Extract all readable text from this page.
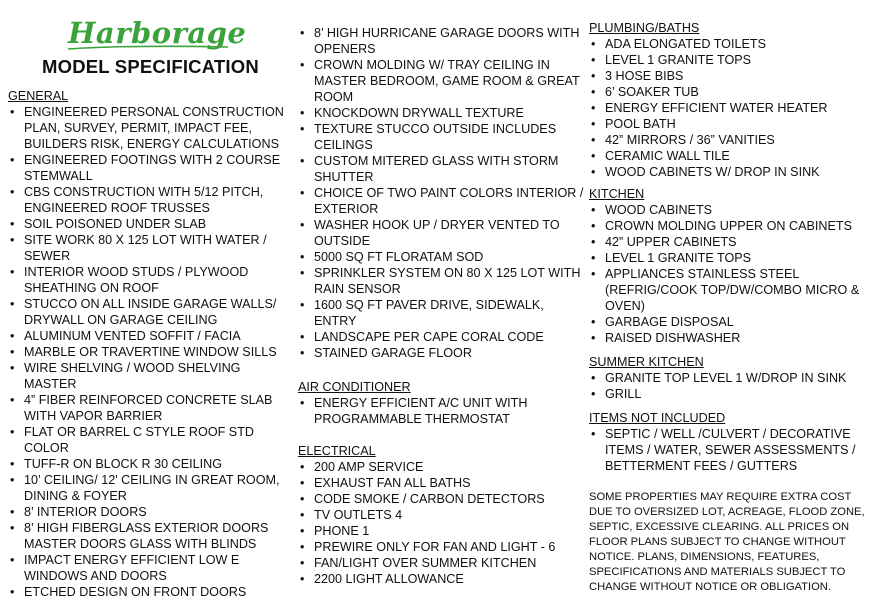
Harborage
MODEL SPECIFICATION
GENERAL
• ENGINEERED PERSONAL CONSTRUCTION PLAN, SURVEY, PERMIT, IMPACT FEE, BUILDERS RISK, ENERGY CALCULATIONS
• ENGINEERED FOOTINGS WITH 2 COURSE STEMWALL
• CBS CONSTRUCTION WITH 5/12 PITCH, ENGINEERED ROOF TRUSSES
• SOIL POISONED UNDER SLAB
• SITE WORK 80 X 125 LOT WITH WATER / SEWER
• INTERIOR WOOD STUDS / PLYWOOD SHEATHING ON ROOF
• STUCCO ON ALL INSIDE GARAGE WALLS/ DRYWALL ON GARAGE CEILING
• ALUMINUM VENTED SOFFIT / FACIA
• MARBLE OR TRAVERTINE WINDOW SILLS
• WIRE SHELVING / WOOD SHELVING MASTER
• 4” FIBER REINFORCED CONCRETE SLAB WITH VAPOR BARRIER
• FLAT OR BARREL C STYLE ROOF STD COLOR
• TUFF-R ON BLOCK R 30 CEILING
• 10’ CEILING/ 12' CEILING IN GREAT ROOM, DINING & FOYER
• 8’ INTERIOR DOORS
• 8’ HIGH FIBERGLASS EXTERIOR DOORS MASTER DOORS GLASS WITH BLINDS
• IMPACT ENERGY EFFICIENT LOW E WINDOWS AND DOORS
• ETCHED DESIGN ON FRONT DOORS
• 8’ HIGH HURRICANE GARAGE DOORS WITH OPENERS
• CROWN MOLDING W/ TRAY CEILING IN MASTER BEDROOM, GAME ROOM & GREAT ROOM
• KNOCKDOWN DRYWALL TEXTURE
• TEXTURE STUCCO OUTSIDE INCLUDES CEILINGS
• CUSTOM MITERED GLASS WITH STORM SHUTTER
• CHOICE OF TWO PAINT COLORS INTERIOR / EXTERIOR
• WASHER HOOK UP / DRYER VENTED TO OUTSIDE
• 5000 SQ FT FLORATAM SOD
• SPRINKLER SYSTEM ON 80 X 125 LOT WITH RAIN SENSOR
• 1600 SQ FT PAVER DRIVE, SIDEWALK, ENTRY
• LANDSCAPE PER CAPE CORAL CODE
• STAINED GARAGE FLOOR
AIR CONDITIONER
• ENERGY EFFICIENT A/C UNIT WITH PROGRAMMABLE THERMOSTAT
ELECTRICAL
• 200 AMP SERVICE
• EXHAUST FAN ALL BATHS
• CODE SMOKE / CARBON DETECTORS
• TV OUTLETS 4
• PHONE 1
• PREWIRE ONLY FOR FAN AND LIGHT - 6
• FAN/LIGHT OVER SUMMER KITCHEN
• 2200 LIGHT ALLOWANCE
PLUMBING/BATHS
• ADA ELONGATED TOILETS
• LEVEL 1 GRANITE TOPS
• 3 HOSE BIBS
• 6’ SOAKER TUB
• ENERGY EFFICIENT WATER HEATER
• POOL BATH
• 42” MIRRORS / 36” VANITIES
• CERAMIC WALL TILE
• WOOD CABINETS W/ DROP IN SINK
KITCHEN
• WOOD CABINETS
• CROWN MOLDING UPPER ON CABINETS
• 42” UPPER CABINETS
• LEVEL 1 GRANITE TOPS
• APPLIANCES STAINLESS STEEL (REFRIG/COOK TOP/DW/COMBO MICRO & OVEN)
• GARBAGE DISPOSAL
• RAISED DISHWASHER
SUMMER KITCHEN
• GRANITE TOP LEVEL 1 W/DROP IN SINK
• GRILL
ITEMS NOT INCLUDED
• SEPTIC / WELL /CULVERT / DECORATIVE ITEMS / WATER, SEWER ASSESSMENTS / BETTERMENT FEES / GUTTERS
SOME PROPERTIES MAY REQUIRE EXTRA COST DUE TO OVERSIZED LOT, ACREAGE, FLOOD ZONE, SEPTIC, EXCESSIVE CLEARING. ALL PRICES ON FLOOR PLANS SUBJECT TO CHANGE WITHOUT NOTICE. PLANS, DIMENSIONS, FEATURES, SPECIFICATIONS AND MATERIALS SUBJECT TO CHANGE WITHOUT NOTICE OR OBLIGATION.
